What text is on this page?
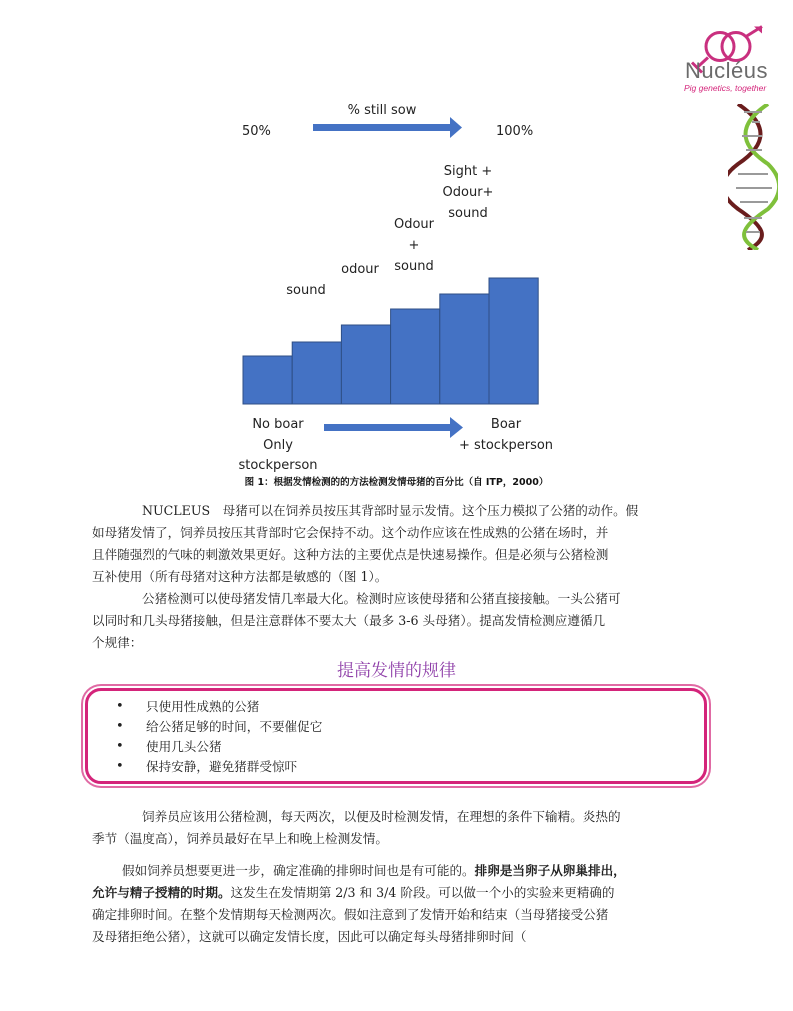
Nucléus
Pig genetics, together
% still sow
50%	100%
sound
odour
Odour
+
sound
Sight +
Odour+
sound
No boar
Only
stockperson
Boar
+ stockperson
图 1：根据发情检测的的方法检测发情母猪的百分比（自 ITP，2000）
NUCLEUS　母猪可以在饲养员按压其背部时显示发情。这个压力模拟了公猪的动作。假
如母猪发情了，饲养员按压其背部时它会保持不动。这个动作应该在性成熟的公猪在场时，并
且伴随强烈的气味的刺激效果更好。这种方法的主要优点是快速易操作。但是必须与公猪检测
互补使用（所有母猪对这种方法都是敏感的（图 1）。
公猪检测可以使母猪发情几率最大化。检测时应该使母猪和公猪直接接触。一头公猪可
以同时和几头母猪接触，但是注意群体不要太大（最多 3-6 头母猪）。提高发情检测应遵循几
个规律：
提高发情的规律
• 只使用性成熟的公猪
• 给公猪足够的时间，不要催促它
• 使用几头公猪
• 保持安静，避免猪群受惊吓
饲养员应该用公猪检测，每天两次，以便及时检测发情，在理想的条件下输精。炎热的
季节（温度高），饲养员最好在早上和晚上检测发情。
假如饲养员想要更进一步，确定准确的排卵时间也是有可能的。排卵是当卵子从卵巢排出，
允许与精子授精的时期。这发生在发情期第 2/3 和 3/4 阶段。可以做一个小的实验来更精确的
确定排卵时间。在整个发情期每天检测两次。假如注意到了发情开始和结束（当母猪接受公猪
及母猪拒绝公猪），这就可以确定发情长度，因此可以确定每头母猪排卵时间（
